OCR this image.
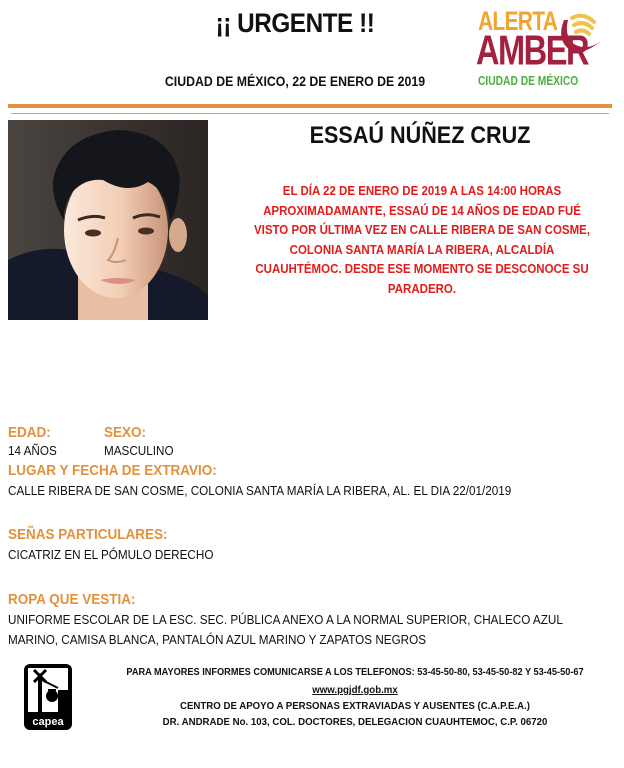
¡¡ URGENTE !!
CIUDAD DE MÉXICO, 22 DE ENERO DE 2019
ALERTA
AMBER
CIUDAD DE MÉXICO
ESSAÚ NÚÑEZ CRUZ
EL DÍA 22 DE ENERO DE 2019 A LAS 14:00 HORAS
APROXIMADAMANTE, ESSAÚ DE 14 AÑOS DE EDAD FUÉ
VISTO POR ÚLTIMA VEZ EN CALLE RIBERA DE SAN COSME,
COLONIA SANTA MARÍA LA RIBERA, ALCALDÍA
CUAUHTÉMOC. DESDE ESE MOMENTO SE DESCONOCE SU
PARADERO.
EDAD:
14 AÑOS
SEXO:
MASCULINO
LUGAR Y FECHA DE EXTRAVIO:
CALLE RIBERA DE SAN COSME, COLONIA SANTA MARÍA LA RIBERA, AL. EL DIA 22/01/2019
SEÑAS PARTICULARES:
CICATRIZ EN EL PÓMULO DERECHO
ROPA QUE VESTIA:
UNIFORME ESCOLAR DE LA ESC. SEC. PÚBLICA ANEXO A LA NORMAL SUPERIOR, CHALECO AZUL
MARINO, CAMISA BLANCA, PANTALÓN AZUL MARINO Y ZAPATOS NEGROS
capea
PARA MAYORES INFORMES COMUNICARSE A LOS TELEFONOS: 53-45-50-80, 53-45-50-82 Y 53-45-50-67
www.pgjdf.gob.mx
CENTRO DE APOYO A PERSONAS EXTRAVIADAS Y AUSENTES (C.A.P.E.A.)
DR. ANDRADE No. 103, COL. DOCTORES, DELEGACION CUAUHTEMOC, C.P. 06720
